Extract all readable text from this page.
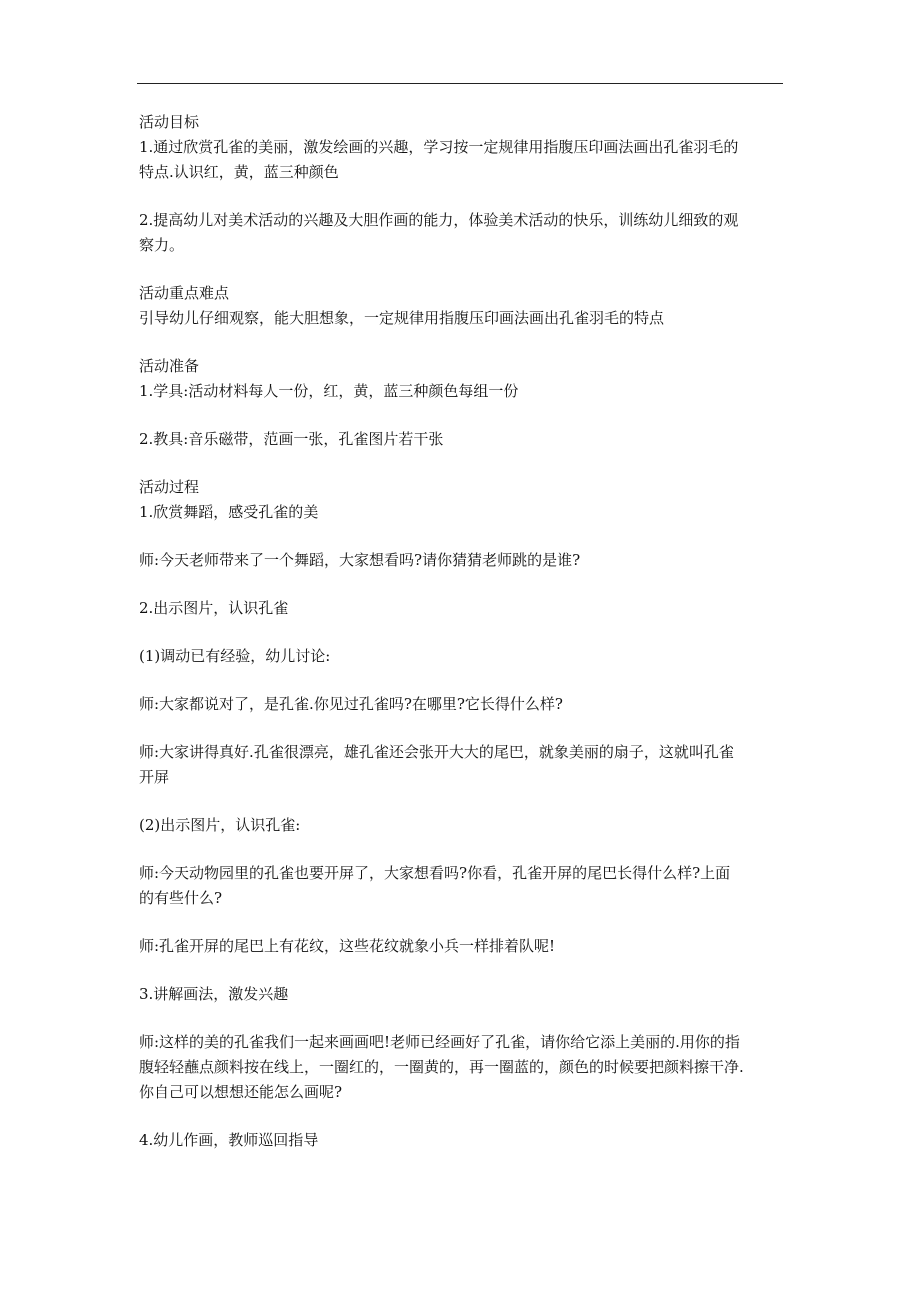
活动目标
1.通过欣赏孔雀的美丽，激发绘画的兴趣，学习按一定规律用指腹压印画法画出孔雀羽毛的
特点.认识红，黄，蓝三种颜色
2.提高幼儿对美术活动的兴趣及大胆作画的能力，体验美术活动的快乐，训练幼儿细致的观
察力。
活动重点难点
引导幼儿仔细观察，能大胆想象，一定规律用指腹压印画法画出孔雀羽毛的特点
活动准备
1.学具:活动材料每人一份，红，黄，蓝三种颜色每组一份
2.教具:音乐磁带，范画一张，孔雀图片若干张
活动过程
1.欣赏舞蹈，感受孔雀的美
师:今天老师带来了一个舞蹈，大家想看吗?请你猜猜老师跳的是谁?
2.出示图片，认识孔雀
(1)调动已有经验，幼儿讨论:
师:大家都说对了，是孔雀.你见过孔雀吗?在哪里?它长得什么样?
师:大家讲得真好.孔雀很漂亮，雄孔雀还会张开大大的尾巴，就象美丽的扇子，这就叫孔雀
开屏
(2)出示图片，认识孔雀:
师:今天动物园里的孔雀也要开屏了，大家想看吗?你看，孔雀开屏的尾巴长得什么样?上面
的有些什么?
师:孔雀开屏的尾巴上有花纹，这些花纹就象小兵一样排着队呢!
3.讲解画法，激发兴趣
师:这样的美的孔雀我们一起来画画吧!老师已经画好了孔雀，请你给它添上美丽的.用你的指
腹轻轻蘸点颜料按在线上，一圈红的，一圈黄的，再一圈蓝的，颜色的时候要把颜料擦干净.
你自己可以想想还能怎么画呢?
4.幼儿作画，教师巡回指导
